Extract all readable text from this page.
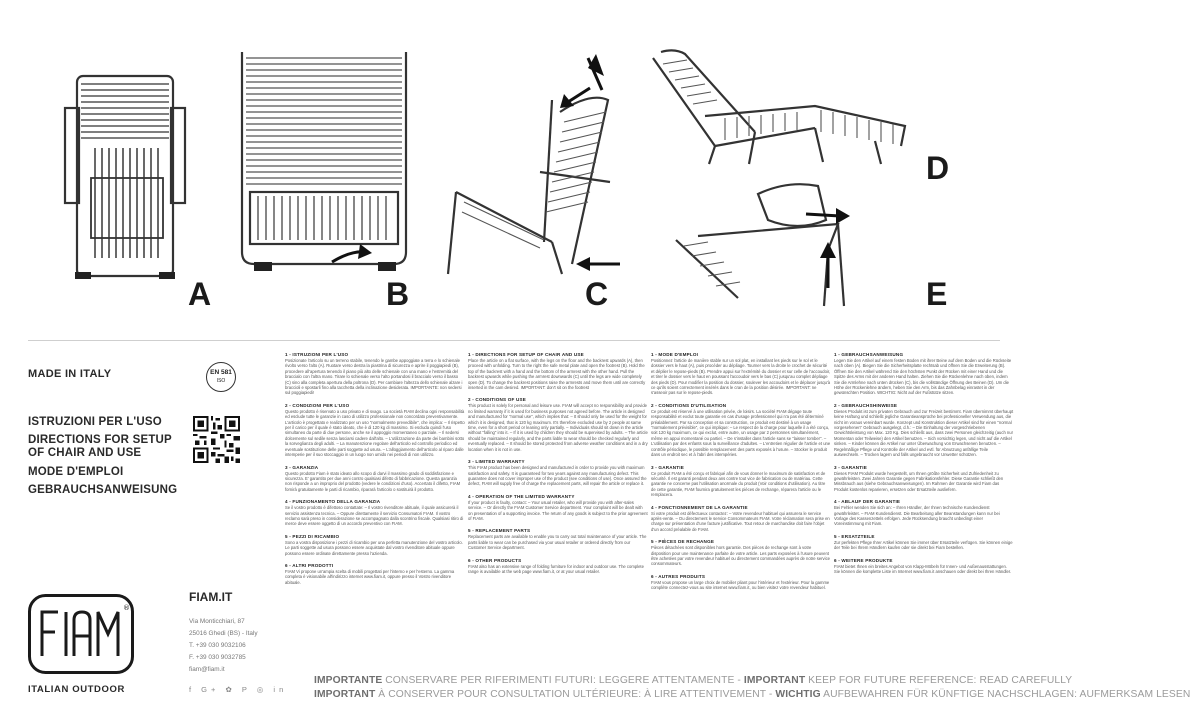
A	B	C
D
E
MADE IN ITALY	EN 581
ISO
ISTRUZIONI PER L'USO
DIRECTIONS FOR SETUP
OF CHAIR AND USE
MODE D'EMPLOI
GEBRAUCHSANWEISUNG
®
ITALIAN OUTDOOR
FIAM.IT
Via Monticchiari, 87
25016 Ghedi (BS) - Italy
T. +39 030 9032106
F. +39 030 9032785
fiam@fiam.it
f G+ ✿ P ◎ in
1 - ISTRUZIONI PER L'USO
Posizionate l'articolo su un terreno stabile, tenendo le gambe appoggiate a terra e lo schienale rivolto verso l'alto (A). Ruotare verso destra la piastrina di sicurezza e aprire il poggiapiedi (B), procedere all'apertura tenendo il piano più alto delle schienale con una mano e l'estremità del braccialo con l'altra mano. Tirare lo schienale verso l'alto portandosi il braccialo verso il basso (C) sino alla completa apertura della poltrona (D). Per cambiare l'altezza dello schienale alzare i braccioli e spostarli fino alla tacchetta della inclinazione desiderata. IMPORTANTE: non sedersi sul poggiapiedi!
2 - CONDIZIONI PER L'USO
Questo prodotto è riservato a uso privato e di svago. La società FIAM declina ogni responsabilità ed esclude tutte le garanzie in caso di utilizzo professionale non concordato preventivamente. L'articolo è progettato e realizzato per un uso "normalmente prevedibile", che implica: – Il rispetto per il carico per il quale è stato ideato, che è di 120 kg di massimo. Si escluda quindi l'uso simultaneo da parte di due persone, anche se il appoggio momentaneo o parziale. – Il sedersi dolcemente sul sedile senza lasciarsi cadere dall'alto. – L'utilizzazione da parte dei bambini sotto la sorveglianza degli adulti. – La manutenzione regolare dell'articolo ed controllo periodico ed eventuale sostituzione delle parti soggette ad usura. – L'alloggiamento dell'articolo al riparo dalle intemperie per il suo stoccaggio in un luogo non umido nei periodi di non utilizzo.
3 - GARANZIA
Questo prodotto Fiam è stato ideato allo scopo di darvi il massimo grado di soddisfazione e sicurezza. E' garantito per due anni contro qualsiasi difetto di fabbricazione. Questa garanzia non risponde a un improprio del prodotto (vedere le condizioni d'uso). Accertato il difetto, FIAM fornirà gratuitamente le parti di ricambio, ripararà l'articolo o sostituirà il prodotto.
4 - FUNZIONAMENTO DELLA GARANZIA
Se il vostro prodotto è difettoso contattate: – Il vostro rivenditore abituale, il quale assicurerà il servizio assistenza tecnica. – Oppure direttamente il servizio Consumatori FIAM. Il vostro reclamo sarà preso in considerazione se accompagnato dalla scontrino fiscale. Qualsiasi ritiro di merce deve essere oggetto di un accordo preventivo con FIAM.
5 - PEZZI DI RICAMBIO
Sono a vostra disposizione i pezzi di ricambio per una perfetta manutenzione del vostro articolo. Le parti soggette ad usura possono essere acquistate dal vostro rivenditore abituale oppure possono essere ordinate direttamente presso l'azienda.
6 - ALTRI PRODOTTI
FIAM Vi propone un'ampia scelta di mobili progettati per l'interno e per l'esterno. La gamma completa è visionabile all'indirizzo internet www.fiam.it, oppure presso il Vostro rivenditore abituale.
1 - DIRECTIONS FOR SETUP OF CHAIR AND USE
Place the article on a flat surface, with the legs on the floor and the backrest upwards (A), then proceed with unfolding. Turn to the right the safe metal plate and open the footrest (B). Hold the top of the backrest with a hand and the bottom of the armrest with the other hand. Pull the backrest upwards while pushing the armrest downwards (C) until the legs are wide completely open (D). To change the backrest positions raise the armrests and move them until are correctly inserted in the cam desired. IMPORTANT: don't sit on the footrest
2 - CONDITIONS OF USE
This product is solely for personal and leisure use. FIAM will accept no responsibility and provide no limited warranty if it is used for business purposes not agreed before. The article is designed and manufactured for "normal use", which implies that: – It should only be used for the weight for which it is designed, that is 120 kg maximum. It's therefore excluded use by 2 people at same time, even for a short period or leaning only partially. – Individuals should sit down in the article without "falling" into it. – If it is used by children they should be supervised by adults. – The article should be maintained regularly, and the parts liable to wear should be checked regularly and eventually replaced. – It should be stored protected from adverse weather conditions and in a dry location when it is not in use.
3 - LIMITED WARRANTY
This FIAM product has been designed and manufactured in order to provide you with maximum satisfaction and safety. It is guaranteed for two years against any manufacturing defect. This guarantee does not cover improper use of the product (see conditions of use). Once assured the defect, FIAM will supply free of charge the replacement parts, will repair the article or replace it.
4 - OPERATION OF THE LIMITED WARRANTY
If your product is faulty, contact: – Your usual retailer, who will provide you with after-sales service. – Or directly the FIAM Customer Service department. Your complaint will be dealt with on presentation of a supporting invoice. The return of any goods is subject to the prior agreement of FIAM.
5 - REPLACEMENT PARTS
Replacement parts are available to enable you to carry out total maintenance of your article. The parts liable to wear can be purchased via your usual retailer or ordered directly from our Customer Service department.
6 - OTHER PRODUCTS
FIAM also has an extensive range of folding furniture for indoor and outdoor use. The complete range is available at the web page www.fiam.it, or at your usual retailer.
1 - MODE D'EMPLOI
Positionnez l'article de manière stable sur un sol plat, en installant les pieds sur le sol et le dossier vers le haut (A), puis procéder au dépliage. Tourner vers la droite le crochet de sécurité et déplier le repose-pieds (B). Prendre appui sur l'extrémité du dossier et sur celle de l'accoudoir, et tirer le dossier vers le haut en poussant l'accoudoir vers le bas (C) jusqu'au complet dépliage des pieds (D). Pour modifier la position du dossier, soulever les accoudoirs et le déplacer jusqu'à ce qu'ils soient correctement insérés dans le cran de la position désirée. IMPORTANT: ne s'asseoir pas sur le repose-pieds.
2 - CONDITIONS D'UTILISATION
Ce produit est réservé à une utilisation privée, de loisirs. La société FIAM dégage toute responsabilité et exclut toute garantie en cas d'usage professionnel qui n'a pas été déterminé préalablement. Par sa conception et sa construction, ce produit est destiné à un usage "normalement prévisible", ce qui implique: – Le respect de la charge pour laquelle il a été conçu, soit 120 kg maximum, ce qui exclut, entre autre, un usage par 2 personnes simultanément, même en appui momentané ou partiel. – De s'installer dans l'article sans se "laisser tomber". – L'utilisation par des enfants sous la surveillance d'adultes. – L'entretien régulier de l'article et une contrôle périodique, le possible remplacement des parts exposés à l'usure. – Stocker le produit dans un endroit sec et à l'abri des intempéries.
3 - GARANTIE
Ce produit FIAM a été conçu et fabriqué afin de vous donner le maximum de satisfaction et de sécurité. Il est garanti pendant deux ans contre tout vice de fabrication ou de matériau. Cette garantie ne concerne pas l'utilisation anormale du produit (Voir conditions d'utilisation). Au titre de cette garantie, FIAM fournira gratuitement les pièces de rechange, réparera l'article ou le remplacera.
4 - FONCTIONNEMENT DE LA GARANTIE
Si votre produit est défectueux contactez: – Votre revendeur habituel qui assurera le service après-vente. – Ou directement le service Consommateurs FIAM. Votre réclamation sera prise en charge sur présentation d'une facture justificative. Tout retour de marchandise doit faire l'objet d'un accord préalable de FIAM.
5 - PIÈCES DE RECHANGE
Pièces détachées sont disponibles hors garantie. Des pièces de rechange sont à votre disposition pour une maintenance parfaite de votre article. Les parts exposées à l'usure peuvent être achetées par votre revendeur habituel ou directement commandées auprès de notre service consommateurs.
6 - AUTRES PRODUITS
FIAM vous propose un large choix de mobilier pliant pour l'intérieur et l'extérieur. Pour la gamme complète connectez-vous au site internet www.fiam.it, ou bien visitez votre revendeur habituel.
1 - GEBRAUCHSANWEISUNG
Legen Sie den Artikel auf einem festen Boden mit ihrer Beine auf dem Boden und die Rückseite nach oben (A). Biegen Sie die Sicherheitsplatte rechtsab und öffnen Sie die Erweiterung (B). Öffnen Sie den Artikel während Sie den höchsten Punkt der Rücken mit einer Hand und die Spitze des Arms mit der anderen Hand halten. Ziehen Sie die Rückenlehne nach oben, indem Sie die Armlehne nach unten drücken (C), bis die vollständige Öffnung des Beinen (D). Um die Höhe der Rückenlehne ändern, heben Sie den Arm, bis das Zahnbelag einrastet in der gewünschten Position. WICHTIG: Nicht auf der Fußstütze sitzen.
2 - GEBRAUCHSHINWEISE
Dieses Produkt ist zum privaten Gebrauch und zur Freizeit bestimmt. Fiam übernimmt überhaupt keine Haftung und schließt jegliche Garantieansprüche bei professioneller Verwendung aus, die nicht im voraus vereinbart wurde. Konzept und Konstruktion dieser Artikel sind für einen "normal vorgesehenen" Gebrauch ausgelegt, d.h.: – Die Einhaltung der vorgeschriebenen Gewichtsleistung von Max. 120 Kg. Dies schließt aus, dass zwei Personen gleichzeitig (auch nur Momentan oder Teilweise) den Artikel benutzen. – Sich vorsichtig legen, und nicht auf die Artikel sinken. – Kinder können die Artikel nur unter Überwachung von Erwachsenen benutzen. – Regelmäßige Pflege und Kontrolle der Artikel und evtl. für Abnutzung anfällige Teile auswechseln. – Trocken lagern und falls ungebraucht vor Unwetter schützen.
3 - GARANTIE
Dieses FIAM Produkt wurde hergestellt, um Ihnen größte Sicherheit und Zufriedenheit zu gewährleisten. Zwei Jahren Garantie gegen Fabrikationsfehler. Diese Garantie schließt den Missbrauch aus (siehe Gebrauchsanweisungen). Im Rahmen der Garantie wird Fiam das Produkt kostenlos reparieren, ersetzen oder Ersatzteile ausliefern.
4 - ABLAUF DER GARANTIE
Bei Fehler wenden Sie sich an: – Ihren Händler, der Ihnen technische Kundendienst gewährleistet. – FIAM Kundendienst. Die Bearbeitung aller Beanstandungen kann nur bei Vorlage des Kassenzettels erfolgen. Jede Rücksendung braucht unbedingt einer Voreinstimmung mit Fiam.
5 - ERSATZTEILE
Zur perfekten Pflege Ihrer Artikel können Sie immer über Ersatzteile verfügen. Sie können einige der Teile bei Ihrem Händlern kaufen oder sie direkt bei Fiam bestellen.
6 - WEITERE PRODUKTE
FIAM bietet Ihnen ein breites Angebot von Klapp-Möbeln für Innen- und Außenausstattungen. Sie können die komplette Liste im Internet www.fiam.it anschauen oder direkt bei Ihren Händler.
IMPORTANTE CONSERVARE PER RIFERIMENTI FUTURI: LEGGERE ATTENTAMENTE - IMPORTANT KEEP FOR FUTURE REFERENCE: READ CAREFULLY
IMPORTANT À CONSERVER POUR CONSULTATION ULTÉRIEURE: À LIRE ATTENTIVEMENT - WICHTIG AUFBEWAHREN FÜR KÜNFTIGE NACHSCHLAGEN: AUFMERKSAM LESEN
